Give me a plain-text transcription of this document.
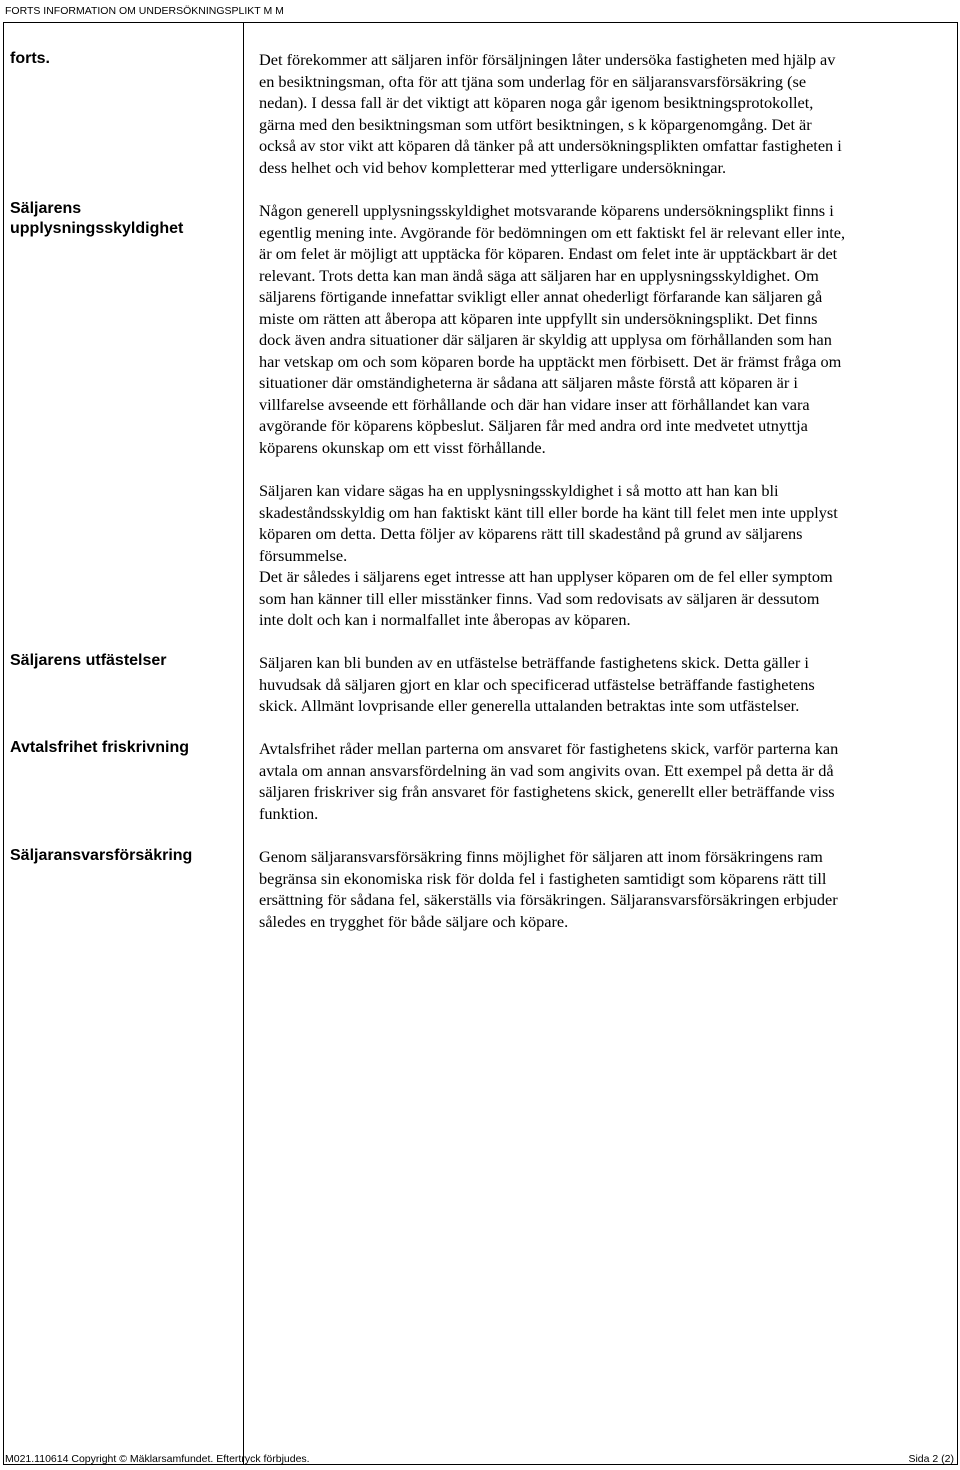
FORTS INFORMATION OM UNDERSÖKNINGSPLIKT M M
forts.	Det förekommer att säljaren inför försäljningen låter undersöka fastigheten med hjälp av
en besiktningsman, ofta för att tjäna som underlag för en säljaransvarsförsäkring (se
nedan). I dessa fall är det viktigt att köparen noga går igenom besiktningsprotokollet,
gärna med den besiktningsman som utfört besiktningen, s k köpargenomgång. Det är
också av stor vikt att köparen då tänker på att undersökningsplikten omfattar fastigheten i
dess helhet och vid behov kompletterar med ytterligare undersökningar.
Säljarens
upplysningsskyldighet
Någon generell upplysningsskyldighet motsvarande köparens undersökningsplikt finns i
egentlig mening inte. Avgörande för bedömningen om ett faktiskt fel är relevant eller inte,
är om felet är möjligt att upptäcka för köparen. Endast om felet inte är upptäckbart är det
relevant. Trots detta kan man ändå säga att säljaren har en upplysningsskyldighet. Om
säljarens förtigande innefattar svikligt eller annat ohederligt förfarande kan säljaren gå
miste om rätten att åberopa att köparen inte uppfyllt sin undersökningsplikt. Det finns
dock även andra situationer där säljaren är skyldig att upplysa om förhållanden som han
har vetskap om och som köparen borde ha upptäckt men förbisett. Det är främst fråga om
situationer där omständigheterna är sådana att säljaren måste förstå att köparen är i
villfarelse avseende ett förhållande och där han vidare inser att förhållandet kan vara
avgörande för köparens köpbeslut. Säljaren får med andra ord inte medvetet utnyttja
köparens okunskap om ett visst förhållande.
Säljaren kan vidare sägas ha en upplysningsskyldighet i så motto att han kan bli
skadeståndsskyldig om han faktiskt känt till eller borde ha känt till felet men inte upplyst
köparen om detta. Detta följer av köparens rätt till skadestånd på grund av säljarens
försummelse.
Det är således i säljarens eget intresse att han upplyser köparen om de fel eller symptom
som han känner till eller misstänker finns. Vad som redovisats av säljaren är dessutom
inte dolt och kan i normalfallet inte åberopas av köparen.
Säljarens utfästelser	Säljaren kan bli bunden av en utfästelse beträffande fastighetens skick. Detta gäller i
huvudsak då säljaren gjort en klar och specificerad utfästelse beträffande fastighetens
skick. Allmänt lovprisande eller generella uttalanden betraktas inte som utfästelser.
Avtalsfrihet friskrivning	Avtalsfrihet råder mellan parterna om ansvaret för fastighetens skick, varför parterna kan
avtala om annan ansvarsfördelning än vad som angivits ovan. Ett exempel på detta är då
säljaren friskriver sig från ansvaret för fastighetens skick, generellt eller beträffande viss
funktion.
Säljaransvarsförsäkring	Genom säljaransvarsförsäkring finns möjlighet för säljaren att inom försäkringens ram
begränsa sin ekonomiska risk för dolda fel i fastigheten samtidigt som köparens rätt till
ersättning för sådana fel, säkerställs via försäkringen. Säljaransvarsförsäkringen erbjuder
således en trygghet för både säljare och köpare.
M021.110614 Copyright © Mäklarsamfundet. Eftertryck förbjudes.	Sida 2 (2)
